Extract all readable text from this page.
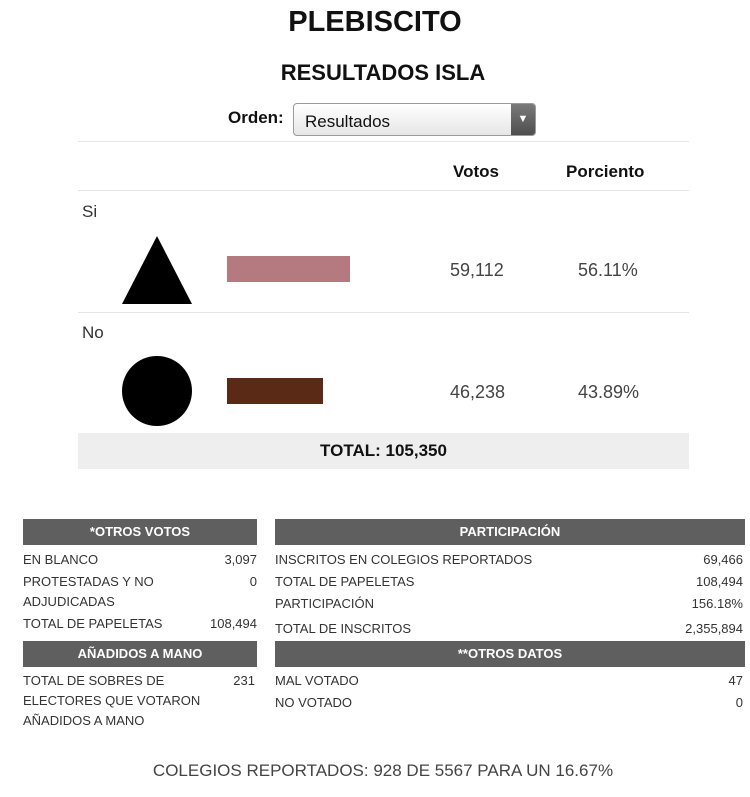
PLEBISCITO
RESULTADOS ISLA
Orden: Resultados	▼
Votos	Porciento
Si
59,112	56.11%
No
46,238	43.89%
TOTAL: 105,350
*OTROS VOTOS
EN BLANCO	3,097
PROTESTADAS Y NO
ADJUDICADAS
0
TOTAL DE PAPELETAS	108,494
AÑADIDOS A MANO
TOTAL DE SOBRES DE
ELECTORES QUE VOTARON
AÑADIDOS A MANO
231
PARTICIPACIÓN
INSCRITOS EN COLEGIOS REPORTADOS	69,466
TOTAL DE PAPELETAS	108,494
PARTICIPACIÓN	156.18%
TOTAL DE INSCRITOS	2,355,894
**OTROS DATOS
MAL VOTADO	47
NO VOTADO	0
COLEGIOS REPORTADOS: 928 DE 5567 PARA UN 16.67%
